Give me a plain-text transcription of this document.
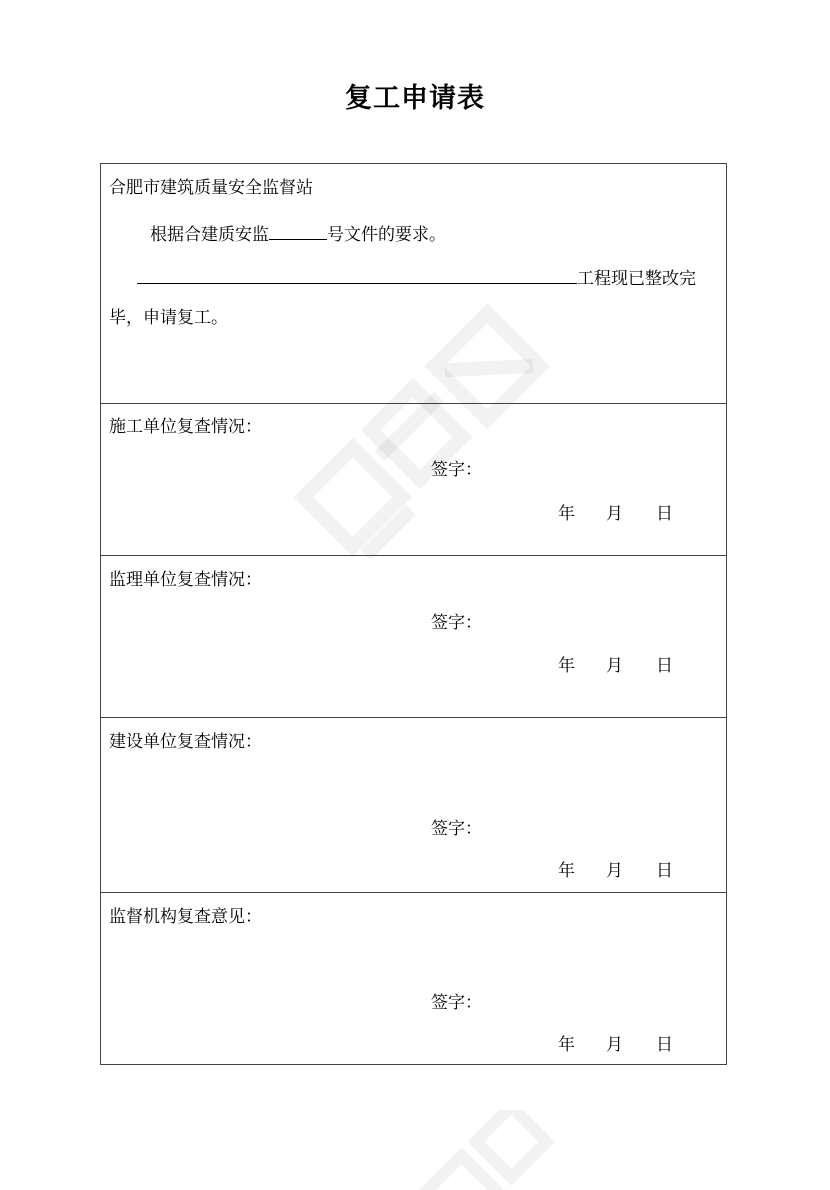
复工申请表
合肥市建筑质量安全监督站
根据合建质安监	号文件的要求。
工程现已整改完
毕，申请复工。
施工单位复查情况：
签字：
年 月 日
监理单位复查情况：
签字：
年 月 日
建设单位复查情况：
签字：
年 月 日
监督机构复查意见：
签字：
年 月 日
